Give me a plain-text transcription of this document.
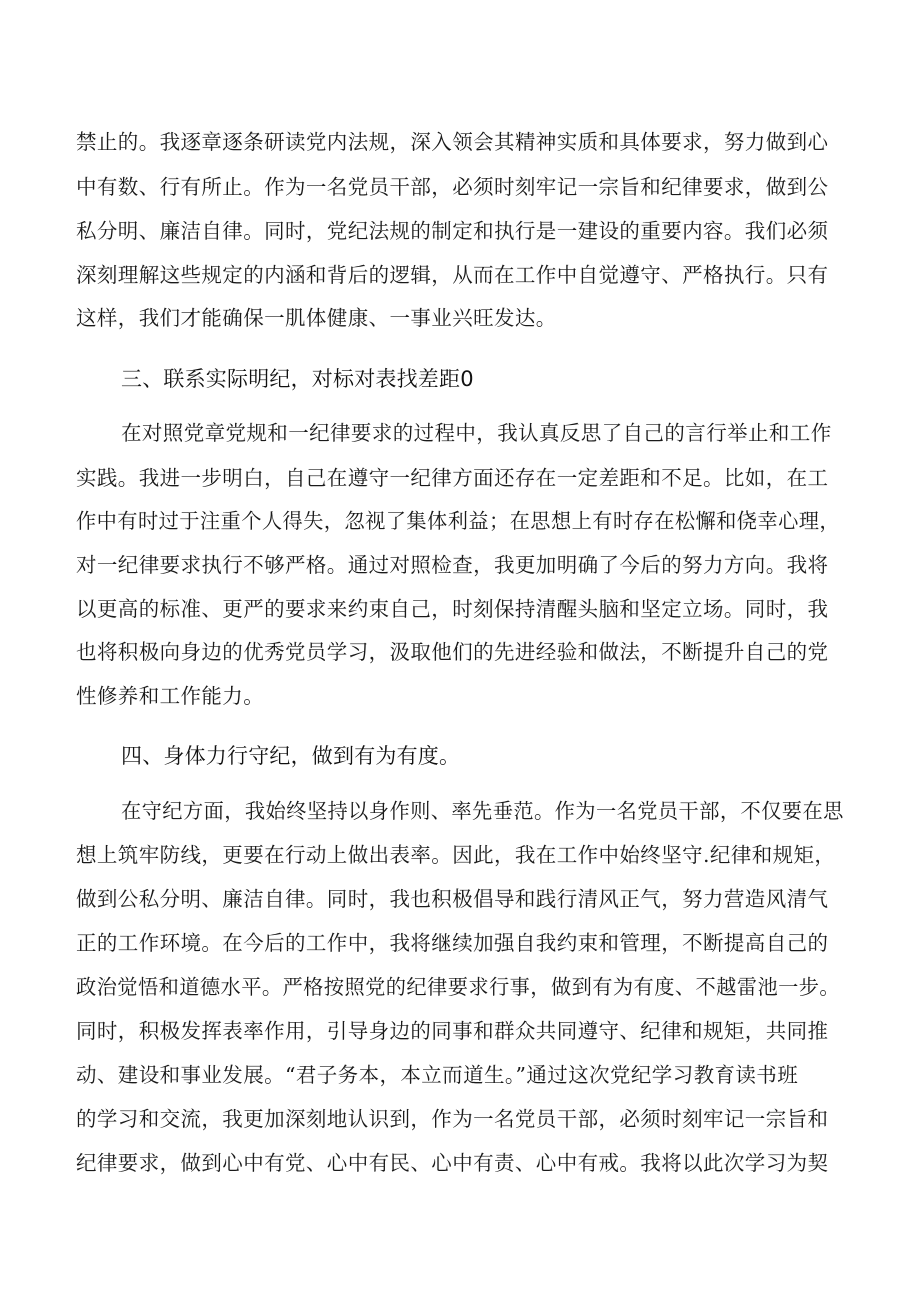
禁止的。我逐章逐条研读党内法规，深入领会其精神实质和具体要求，努力做到心
中有数、行有所止。作为一名党员干部，必须时刻牢记一宗旨和纪律要求，做到公
私分明、廉洁自律。同时，党纪法规的制定和执行是一建设的重要内容。我们必须
深刻理解这些规定的内涵和背后的逻辑，从而在工作中自觉遵守、严格执行。只有
这样，我们才能确保一肌体健康、一事业兴旺发达。
三、联系实际明纪，对标对表找差距0
在对照党章党规和一纪律要求的过程中，我认真反思了自己的言行举止和工作
实践。我进一步明白，自己在遵守一纪律方面还存在一定差距和不足。比如，在工
作中有时过于注重个人得失，忽视了集体利益；在思想上有时存在松懈和侥幸心理，
对一纪律要求执行不够严格。通过对照检查，我更加明确了今后的努力方向。我将
以更高的标准、更严的要求来约束自己，时刻保持清醒头脑和坚定立场。同时，我
也将积极向身边的优秀党员学习，汲取他们的先进经验和做法，不断提升自己的党
性修养和工作能力。
四、身体力行守纪，做到有为有度。
在守纪方面，我始终坚持以身作则、率先垂范。作为一名党员干部，不仅要在思
想上筑牢防线，更要在行动上做出表率。因此，我在工作中始终坚守.纪律和规矩，
做到公私分明、廉洁自律。同时，我也积极倡导和践行清风正气，努力营造风清气
正的工作环境。在今后的工作中，我将继续加强自我约束和管理，不断提高自己的
政治觉悟和道德水平。严格按照党的纪律要求行事，做到有为有度、不越雷池一步。
同时，积极发挥表率作用，引导身边的同事和群众共同遵守、纪律和规矩，共同推
动、建设和事业发展。“君子务本，本立而道生。”通过这次党纪学习教育读书班
的学习和交流，我更加深刻地认识到，作为一名党员干部，必须时刻牢记一宗旨和
纪律要求，做到心中有党、心中有民、心中有责、心中有戒。我将以此次学习为契
